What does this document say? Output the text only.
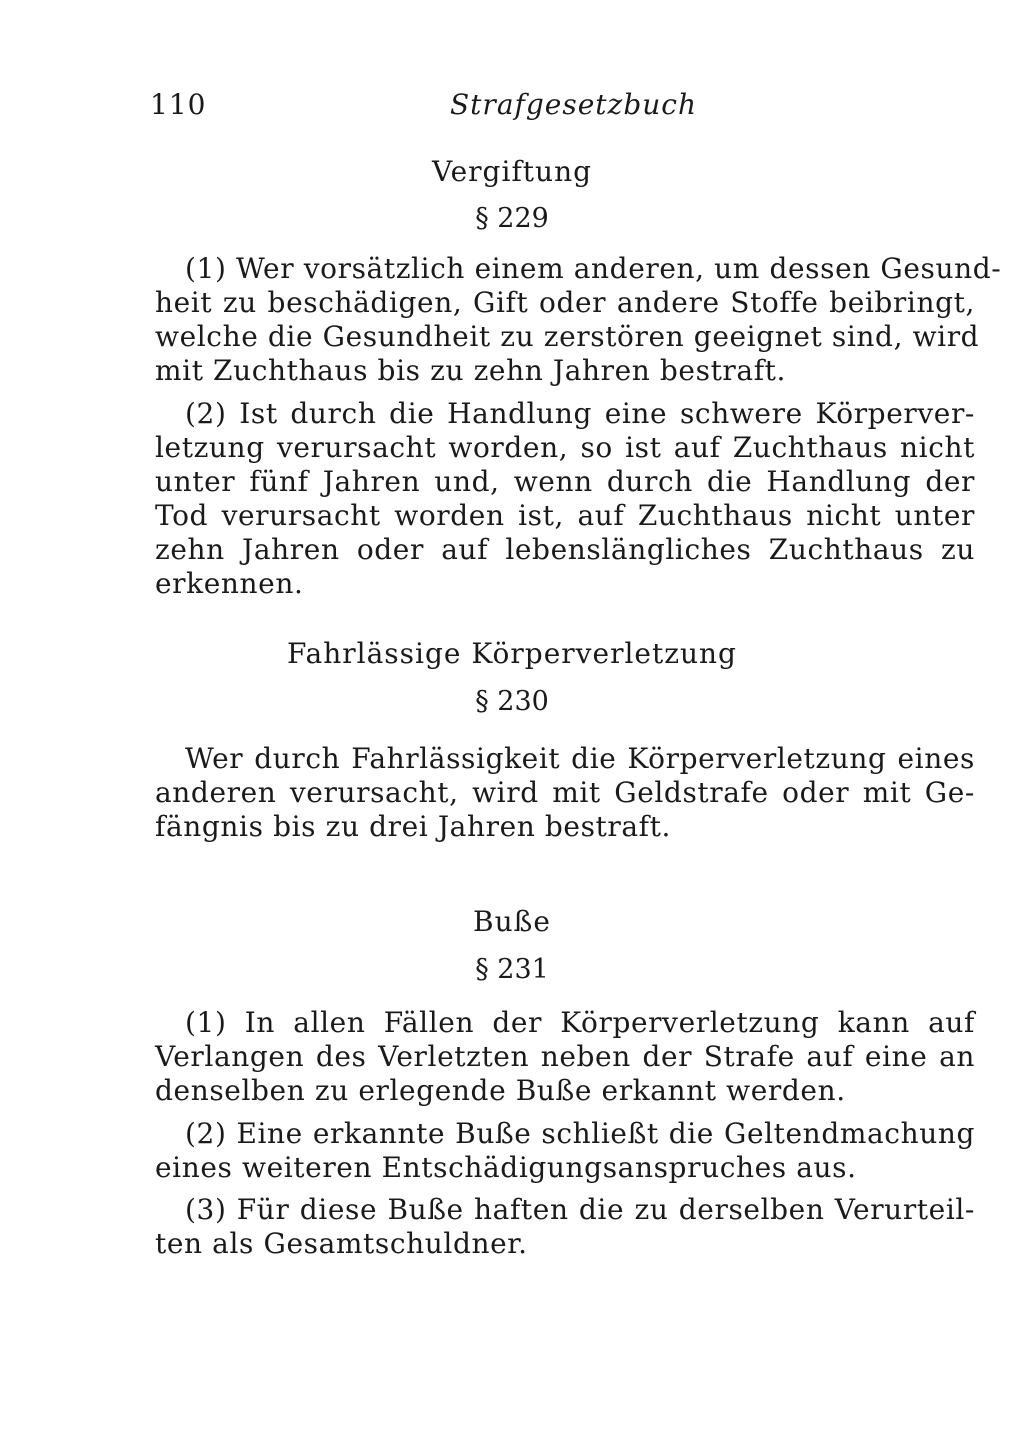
110	Strafgesetzbuch
Vergiftung
§ 229
(1) Wer vorsätzlich einem anderen, um dessen Gesund-
heit zu beschädigen, Gift oder andere Stoffe beibringt,
welche die Gesundheit zu zerstören geeignet sind, wird
mit Zuchthaus bis zu zehn Jahren bestraft.
(2) Ist durch die Handlung eine schwere Körperver-
letzung verursacht worden, so ist auf Zuchthaus nicht
unter fünf Jahren und, wenn durch die Handlung der
Tod verursacht worden ist, auf Zuchthaus nicht unter
zehn Jahren oder auf lebenslängliches Zuchthaus zu
erkennen.
Fahrlässige Körperverletzung
§ 230
Wer durch Fahrlässigkeit die Körperverletzung eines
anderen verursacht, wird mit Geldstrafe oder mit Ge-
fängnis bis zu drei Jahren bestraft.
Buße
§ 231
(1) In allen Fällen der Körperverletzung kann auf
Verlangen des Verletzten neben der Strafe auf eine an
denselben zu erlegende Buße erkannt werden.
(2) Eine erkannte Buße schließt die Geltendmachung
eines weiteren Entschädigungsanspruches aus.
(3) Für diese Buße haften die zu derselben Verurteil-
ten als Gesamtschuldner.
